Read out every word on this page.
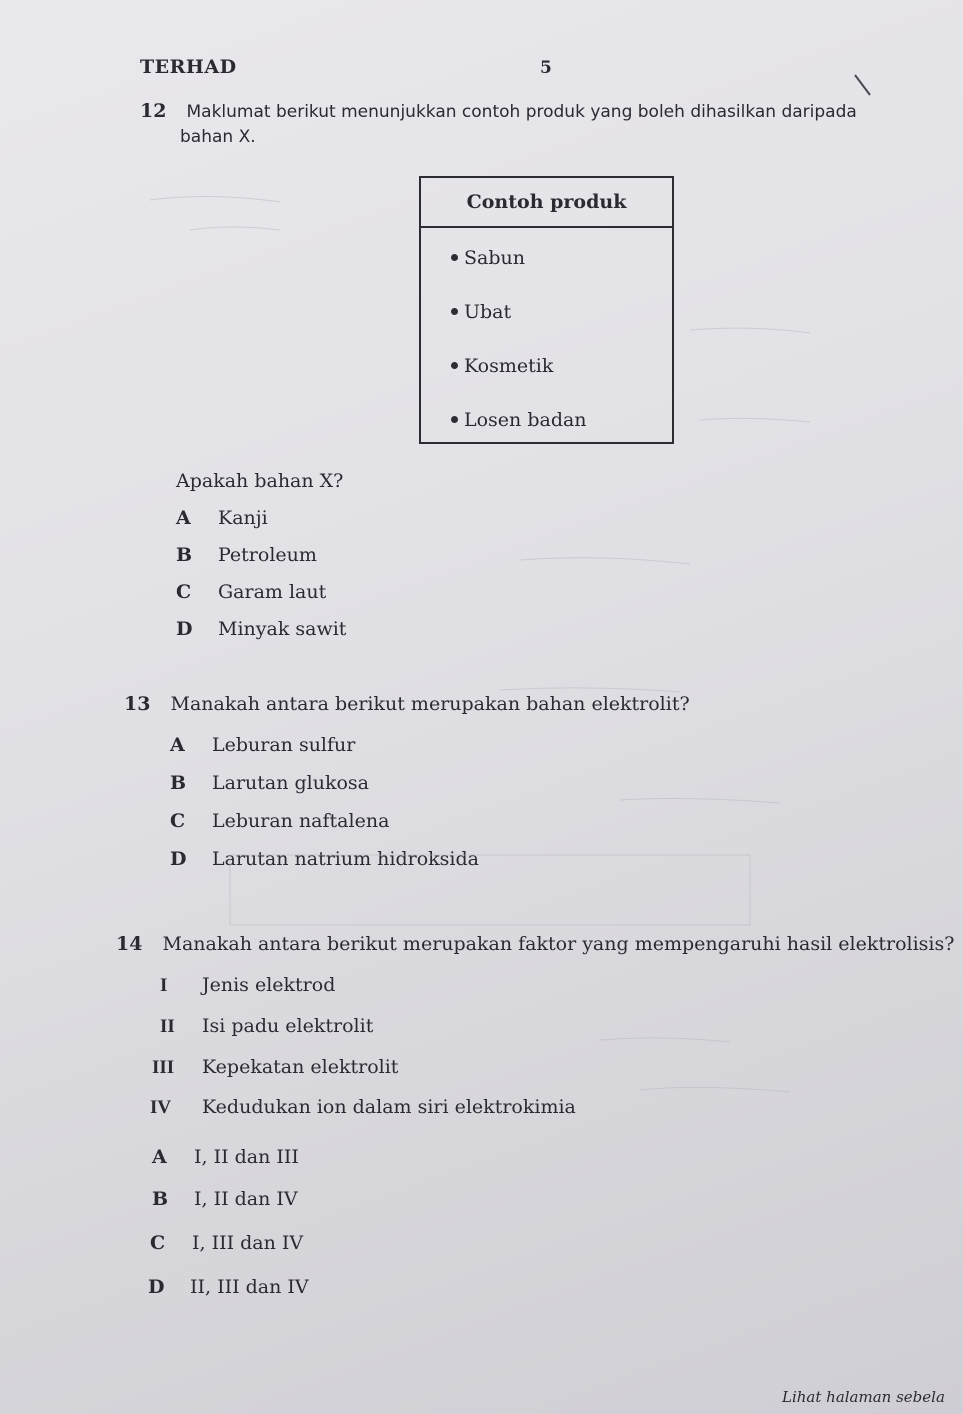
TERHAD	5
12 Maklumat berikut menunjukkan contoh produk yang boleh dihasilkan daripada
bahan X.
Contoh produk
Sabun
Ubat
Kosmetik
Losen badan
Apakah bahan X?
A Kanji
B Petroleum
C Garam laut
D Minyak sawit
13 Manakah antara berikut merupakan bahan elektrolit?
A Leburan sulfur
B Larutan glukosa
C Leburan naftalena
D Larutan natrium hidroksida
14 Manakah antara berikut merupakan faktor yang mempengaruhi hasil elektrolisis?
I Jenis elektrod
II Isi padu elektrolit
III Kepekatan elektrolit
IV Kedudukan ion dalam siri elektrokimia
A I, II dan III
B I, II dan IV
C I, III dan IV
D II, III dan IV
Lihat halaman sebela
